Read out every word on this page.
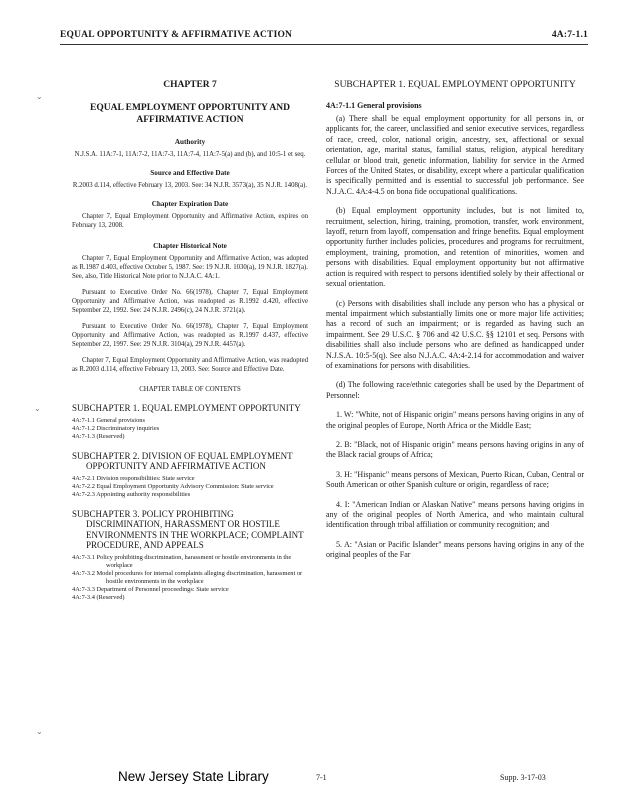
EQUAL OPPORTUNITY & AFFIRMATIVE ACTION	4A:7-1.1
⌄
⌄
⌄
CHAPTER 7
EQUAL EMPLOYMENT OPPORTUNITY AND AFFIRMATIVE ACTION
Authority
N.J.S.A. 11A:7-1, 11A:7-2, 11A:7-3, 11A:7-4, 11A:7-5(a) and (b), and 10:5-1 et seq.
Source and Effective Date
R.2003 d.114, effective February 13, 2003. See: 34 N.J.R. 3573(a), 35 N.J.R. 1408(a).
Chapter Expiration Date
Chapter 7, Equal Employment Opportunity and Affirmative Action, expires on February 13, 2008.
Chapter Historical Note
Chapter 7, Equal Employment Opportunity and Affirmative Action, was adopted as R.1987 d.403, effective October 5, 1987. See: 19 N.J.R. 1030(a), 19 N.J.R. 1827(a). See, also, Title Historical Note prior to N.J.A.C. 4A:1.
Pursuant to Executive Order No. 66(1978), Chapter 7, Equal Employment Opportunity and Affirmative Action, was readopted as R.1992 d.420, effective September 22, 1992. See: 24 N.J.R. 2496(c), 24 N.J.R. 3721(a).
Pursuant to Executive Order No. 66(1978), Chapter 7, Equal Employment Opportunity and Affirmative Action, was readopted as R.1997 d.437, effective September 22, 1997. See: 29 N.J.R. 3104(a), 29 N.J.R. 4457(a).
Chapter 7, Equal Employment Opportunity and Affirmative Action, was readopted as R.2003 d.114, effective February 13, 2003. See: Source and Effective Date.
CHAPTER TABLE OF CONTENTS
SUBCHAPTER 1. EQUAL EMPLOYMENT OPPORTUNITY
4A:7-1.1 General provisions
4A:7-1.2 Discriminatory inquiries
4A:7-1.3 (Reserved)
SUBCHAPTER 2. DIVISION OF EQUAL EMPLOYMENT OPPORTUNITY AND AFFIRMATIVE ACTION
4A:7-2.1 Division responsibilities: State service
4A:7-2.2 Equal Employment Opportunity Advisory Commission: State service
4A:7-2.3 Appointing authority responsibilities
SUBCHAPTER 3. POLICY PROHIBITING DISCRIMINATION, HARASSMENT OR HOSTILE ENVIRONMENTS IN THE WORKPLACE; COMPLAINT PROCEDURE, AND APPEALS
4A:7-3.1 Policy prohibiting discrimination, harassment or hostile environments in the workplace
4A:7-3.2 Model procedures for internal complaints alleging discrimination, harassment or hostile environments in the workplace
4A:7-3.3 Department of Personnel proceedings: State service
4A:7-3.4 (Reserved)
SUBCHAPTER 1. EQUAL EMPLOYMENT OPPORTUNITY
4A:7-1.1 General provisions
(a) There shall be equal employment opportunity for all persons in, or applicants for, the career, unclassified and senior executive services, regardless of race, creed, color, national origin, ancestry, sex, affectional or sexual orientation, age, marital status, familial status, religion, atypical hereditary cellular or blood trait, genetic information, liability for service in the Armed Forces of the United States, or disability, except where a particular qualification is specifically permitted and is essential to successful job performance. See N.J.A.C. 4A:4-4.5 on bona fide occupational qualifications.
(b) Equal employment opportunity includes, but is not limited to, recruitment, selection, hiring, training, promotion, transfer, work environment, layoff, return from layoff, compensation and fringe benefits. Equal employment opportunity further includes policies, procedures and programs for recruitment, employment, training, promotion, and retention of minorities, women and persons with disabilities. Equal employment opportunity but not affirmative action is required with respect to persons identified solely by their affectional or sexual orientation.
(c) Persons with disabilities shall include any person who has a physical or mental impairment which substantially limits one or more major life activities; has a record of such an impairment; or is regarded as having such an impairment. See 29 U.S.C. § 706 and 42 U.S.C. §§ 12101 et seq. Persons with disabilities shall also include persons who are defined as handicapped under N.J.S.A. 10:5-5(q). See also N.J.A.C. 4A:4-2.14 for accommodation and waiver of examinations for persons with disabilities.
(d) The following race/ethnic categories shall be used by the Department of Personnel:
1. W: "White, not of Hispanic origin" means persons having origins in any of the original peoples of Europe, North Africa or the Middle East;
2. B: "Black, not of Hispanic origin" means persons having origins in any of the Black racial groups of Africa;
3. H: "Hispanic" means persons of Mexican, Puerto Rican, Cuban, Central or South American or other Spanish culture or origin, regardless of race;
4. I: "American Indian or Alaskan Native" means persons having origins in any of the original peoples of North America, and who maintain cultural identification through tribal affiliation or community recognition; and
5. A: "Asian or Pacific Islander" means persons having origins in any of the original peoples of the Far
New Jersey State Library	7-1	Supp. 3-17-03
